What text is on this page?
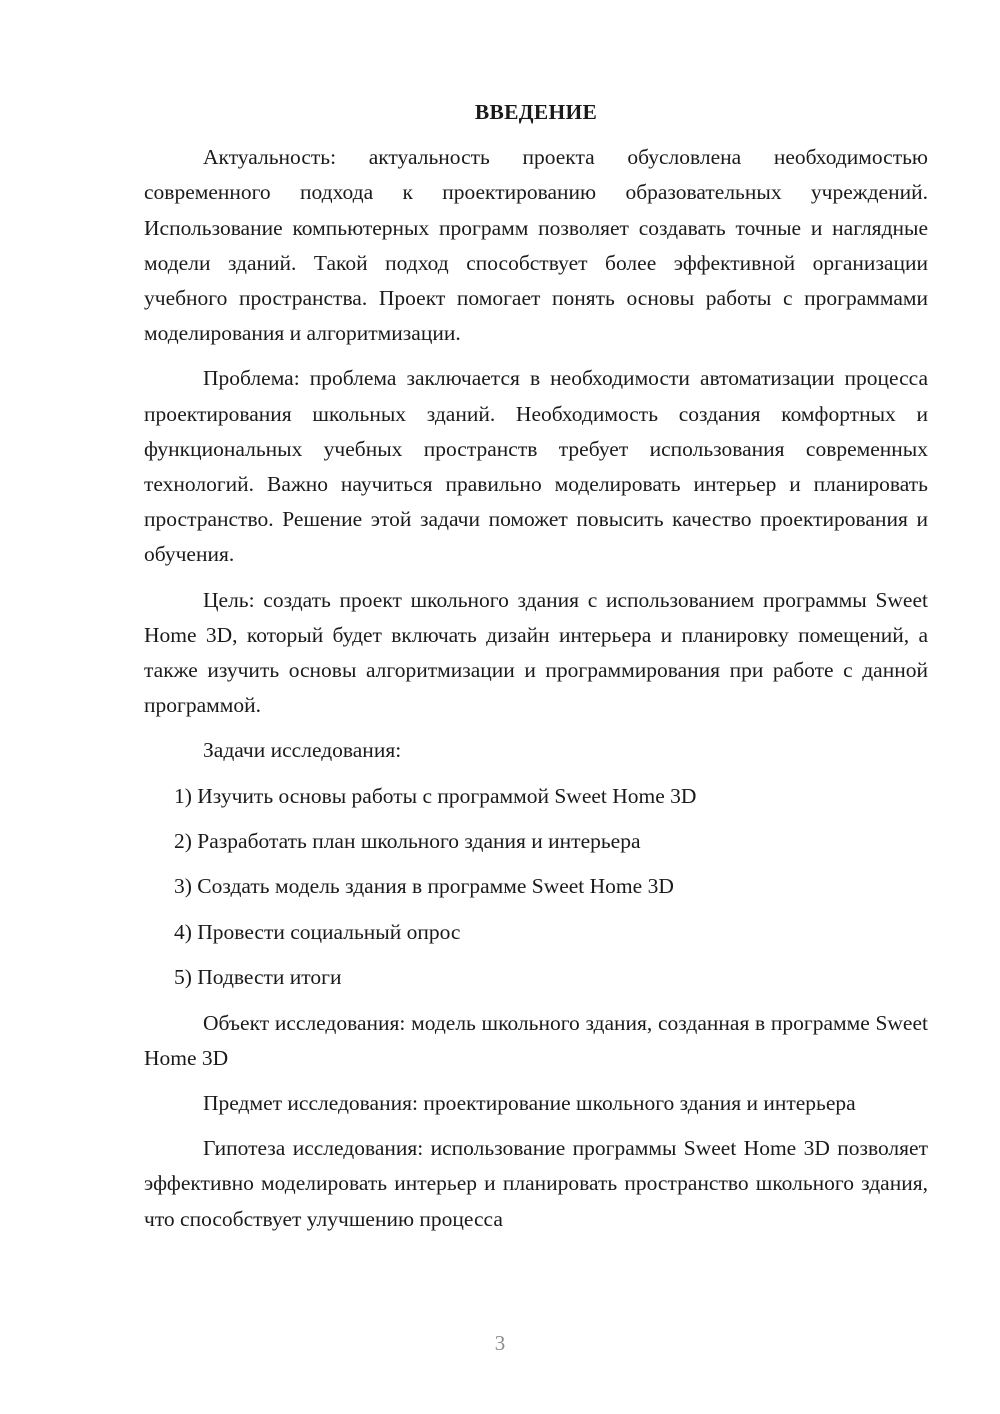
ВВЕДЕНИЕ

Актуальность: актуальность проекта обусловлена необходимостью современного подхода к проектированию образовательных учреждений. Использование компьютерных программ позволяет создавать точные и наглядные модели зданий. Такой подход способствует более эффективной организации учебного пространства. Проект помогает понять основы работы с программами моделирования и алгоритмизации.

Проблема: проблема заключается в необходимости автоматизации процесса проектирования школьных зданий. Необходимость создания комфортных и функциональных учебных пространств требует использования современных технологий. Важно научиться правильно моделировать интерьер и планировать пространство. Решение этой задачи поможет повысить качество проектирования и обучения.

Цель: создать проект школьного здания с использованием программы Sweet Home 3D, который будет включать дизайн интерьера и планировку помещений, а также изучить основы алгоритмизации и программирования при работе с данной программой.

Задачи исследования:

1) Изучить основы работы с программой Sweet Home 3D
2) Разработать план школьного здания и интерьера
3) Создать модель здания в программе Sweet Home 3D
4) Провести социальный опрос
5) Подвести итоги

Объект исследования: модель школьного здания, созданная в программе Sweet Home 3D

Предмет исследования: проектирование школьного здания и интерьера

Гипотеза исследования: использование программы Sweet Home 3D позволяет эффективно моделировать интерьер и планировать пространство школьного здания, что способствует улучшению процесса

3
